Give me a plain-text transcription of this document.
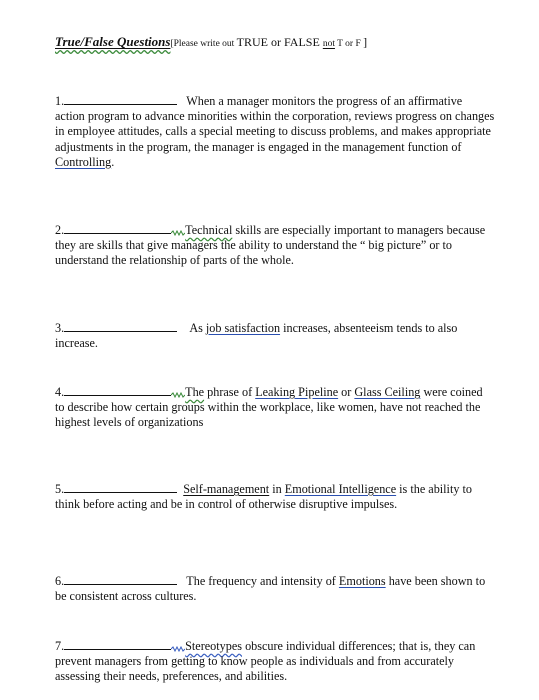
True/False Questions[Please write out TRUE or FALSE not T or F ]
1.	When a manager monitors the progress of an affirmative action program to advance minorities within the corporation, reviews progress on changes in employee attitudes, calls a special meeting to discuss problems, and makes appropriate adjustments in the program, the manager is engaged in the management function of Controlling.
2.	Technical skills are especially important to managers because they are skills that give managers the ability to understand the “ big picture” or to understand the relationship of parts of the whole.
3.	As job satisfaction increases, absenteeism tends to also increase.
4.	The phrase of Leaking Pipeline or Glass Ceiling were coined to describe how certain groups within the workplace, like women, have not reached the highest levels of organizations
5.	Self-management in Emotional Intelligence is the ability to think before acting and be in control of otherwise disruptive impulses.
6.	The frequency and intensity of Emotions have been shown to be consistent across cultures.
7.	Stereotypes obscure individual differences; that is, they can prevent managers from getting to know people as individuals and from accurately assessing their needs, preferences, and abilities.
